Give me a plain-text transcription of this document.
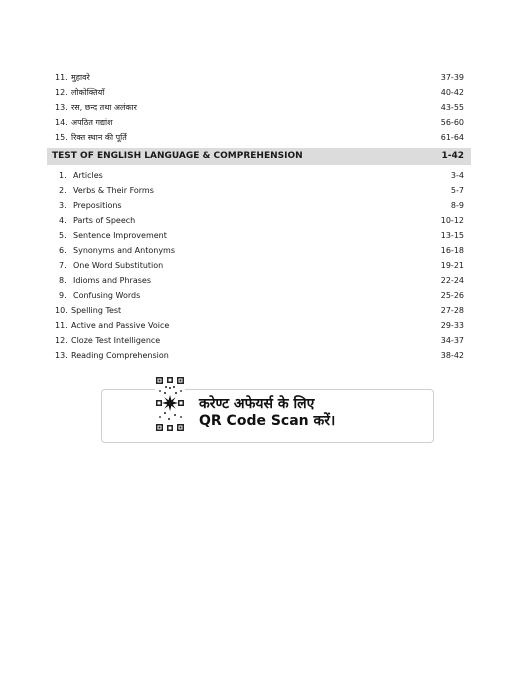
11. मुहावरे	37-39
12. लोकोक्तियाँ	40-42
13. रस, छन्द तथा अलंकार	43-55
14. अपठित गद्यांश	56-60
15. रिक्त स्थान की पूर्ति	61-64
TEST OF ENGLISH LANGUAGE & COMPREHENSION	1-42
1. Articles	3-4
2. Verbs & Their Forms	5-7
3. Prepositions	8-9
4. Parts of Speech	10-12
5. Sentence Improvement	13-15
6. Synonyms and Antonyms	16-18
7. One Word Substitution	19-21
8. Idioms and Phrases	22-24
9. Confusing Words	25-26
10. Spelling Test	27-28
11. Active and Passive Voice	29-33
12. Cloze Test Intelligence	34-37
13. Reading Comprehension	38-42
करेण्ट अफेयर्स के लिए
QR Code Scan करें।
